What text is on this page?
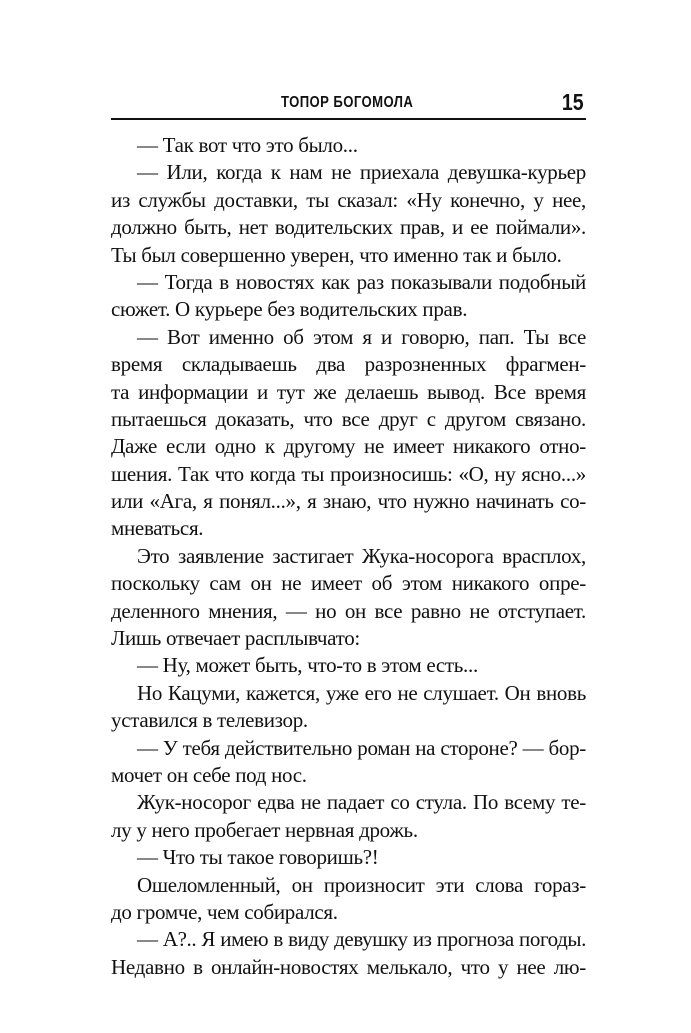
ТОПОР БОГОМОЛА	15
— Так вот что это было...
— Или, когда к нам не приехала девушка-курьер
из службы доставки, ты сказал: «Ну конечно, у нее,
должно быть, нет водительских прав, и ее поймали».
Ты был совершенно уверен, что именно так и было.
— Тогда в новостях как раз показывали подобный
сюжет. О курьере без водительских прав.
— Вот именно об этом я и говорю, пап. Ты все
время складываешь два разрозненных фрагмен-
та информации и тут же делаешь вывод. Все время
пытаешься доказать, что все друг с другом связано.
Даже если одно к другому не имеет никакого отно-
шения. Так что когда ты произносишь: «О, ну ясно...»
или «Ага, я понял...», я знаю, что нужно начинать со-
мневаться.
Это заявление застигает Жука-носорога врасплох,
поскольку сам он не имеет об этом никакого опре-
деленного мнения, — но он все равно не отступает.
Лишь отвечает расплывчато:
— Ну, может быть, что-то в этом есть...
Но Кацуми, кажется, уже его не слушает. Он вновь
уставился в телевизор.
— У тебя действительно роман на стороне? — бор-
мочет он себе под нос.
Жук-носорог едва не падает со стула. По всему те-
лу у него пробегает нервная дрожь.
— Что ты такое говоришь?!
Ошеломленный, он произносит эти слова гораз-
до громче, чем собирался.
— А?.. Я имею в виду девушку из прогноза погоды.
Недавно в онлайн-новостях мелькало, что у нее лю-
